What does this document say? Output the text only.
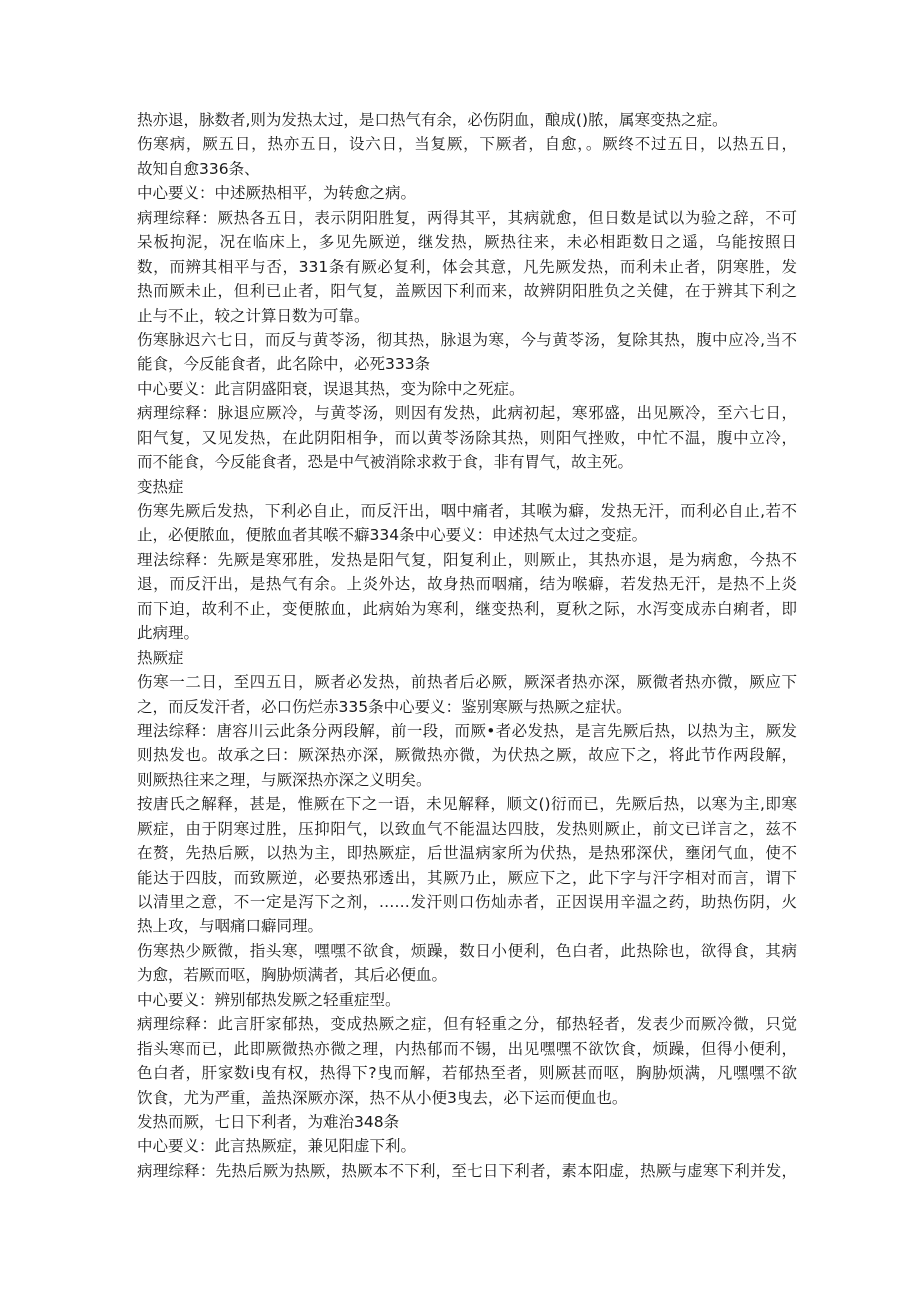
热亦退，脉数者,则为发热太过，是口热气有余，必伤阴血，酿成()脓，属寒变热之症。
伤寒病，厥五日，热亦五日，设六日，当复厥，下厥者，自愈，。厥终不过五日，以热五日，
故知自愈336条、
中心要义：中述厥热相平，为转愈之病。
病理综释：厥热各五日，表示阴阳胜复，两得其平，其病就愈，但日数是试以为验之辞，不可
呆板拘泥，况在临床上，多见先厥逆，继发热，厥热往来，未必相距数日之遥，乌能按照日
数，而辨其相平与否，331条有厥必复利，体会其意，凡先厥发热，而利未止者，阴寒胜，发
热而厥未止，但利已止者，阳气复，盖厥因下利而来，故辨阴阳胜负之关健，在于辨其下利之
止与不止，较之计算日数为可靠。
伤寒脉迟六七日，而反与黄苓汤，彻其热，脉退为寒，今与黄苓汤，复除其热，腹中应冷,当不
能食，今反能食者，此名除中，必死333条
中心要义：此言阴盛阳衰，误退其热，变为除中之死症。
病理综释：脉退应厥冷，与黄苓汤，则因有发热，此病初起，寒邪盛，出见厥冷，至六七日，
阳气复，又见发热，在此阴阳相争，而以黄苓汤除其热，则阳气挫败，中忙不温，腹中立冷，
而不能食，今反能食者，恐是中气被消除求救于食，非有胃气，故主死。
变热症
伤寒先厥后发热，下利必自止，而反汗出，咽中痛者，其喉为癖，发热无汗，而利必自止,若不
止，必便脓血，便脓血者其喉不癖334条中心要义：申述热气太过之变症。
理法综释：先厥是寒邪胜，发热是阳气复，阳复利止，则厥止，其热亦退，是为病愈，今热不
退，而反汗出，是热气有余。上炎外达，故身热而咽痛，结为喉癖，若发热无汗，是热不上炎
而下迫，故利不止，变便脓血，此病始为寒利，继变热利，夏秋之际，水泻变成赤白痢者，即
此病理。
热厥症
伤寒一二日，至四五日，厥者必发热，前热者后必厥，厥深者热亦深，厥微者热亦微，厥应下
之，而反发汗者，必口伤烂赤335条中心要义：鉴别寒厥与热厥之症状。
理法综释：唐容川云此条分两段解，前一段，而厥•者必发热，是言先厥后热，以热为主，厥发
则热发也。故承之曰：厥深热亦深，厥微热亦微，为伏热之厥，故应下之，将此节作两段解，
则厥热往来之理，与厥深热亦深之义明矣。
按唐氏之解释，甚是，惟厥在下之一语，未见解释，顺文()衍而已，先厥后热，以寒为主,即寒
厥症，由于阴寒过胜，压抑阳气，以致血气不能温达四肢，发热则厥止，前文已详言之，兹不
在赘，先热后厥，以热为主，即热厥症，后世温病家所为伏热，是热邪深伏，壅闭气血，使不
能达于四肢，而致厥逆，必要热邪透出，其厥乃止，厥应下之，此下字与汗字相对而言，谓下
以清里之意，不一定是泻下之剂，……发汗则口伤灿赤者，正因误用辛温之药，助热伤阴，火
热上攻，与咽痛口癖同理。
伤寒热少厥微，指头寒，嘿嘿不欲食，烦躁，数日小便利，色白者，此热除也，欲得食，其病
为愈，若厥而呕，胸胁烦满者，其后必便血。
中心要义：辨别郁热发厥之轻重症型。
病理综释：此言肝家郁热，变成热厥之症，但有轻重之分，郁热轻者，发表少而厥冷微，只觉
指头寒而已，此即厥微热亦微之理，内热郁而不锡，出见嘿嘿不欲饮食，烦躁，但得小便利，
色白者，肝家数i曳有权，热得下?曳而解，若郁热至者，则厥甚而呕，胸胁烦满，凡嘿嘿不欲
饮食，尤为严重，盖热深厥亦深，热不从小便3曳去，必下运而便血也。
发热而厥，七日下利者，为难治348条
中心要义：此言热厥症，兼见阳虚下利。
病理综释：先热后厥为热厥，热厥本不下利，至七日下利者，素本阳虚，热厥与虚寒下利并发，
